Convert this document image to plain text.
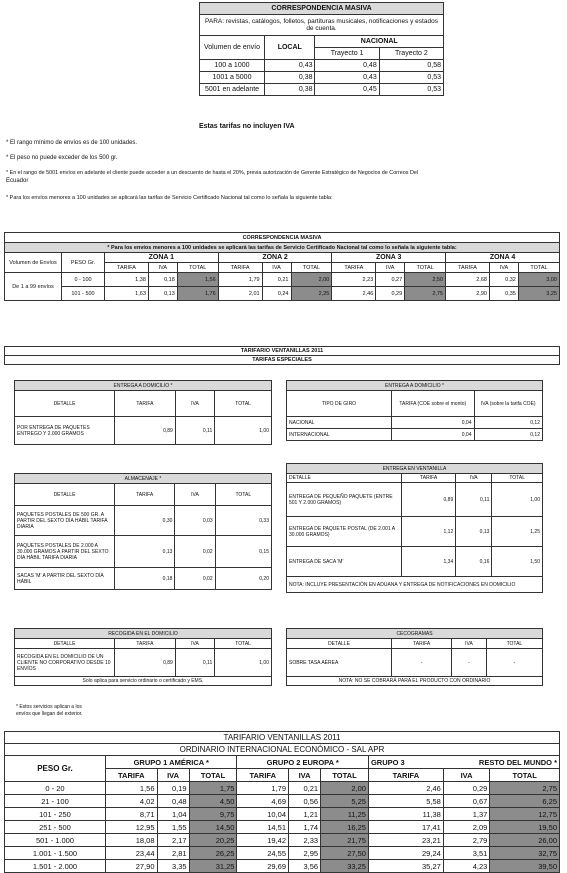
CORRESPONDENCIA MASIVA			
PARA: revistas, catálogos, folletos, partituras musicales, notificaciones y estados de cuenta.			
Volumen de envío	LOCAL	NACIONAL	
		Trayecto 1	Trayecto 2
100 a 1000	0,43	0,48	0,58
1001 a 5000	0,38	0,43	0,53
5001 en adelante	0,38	0,45	0,53
Estas tarifas no incluyen IVA
* El rango mínimo de envíos es de 100 unidades.
* El peso no puede exceder de los 500 gr.
* En el rango de 5001 envíos en adelante el cliente puede acceder a un descuento de hasta el 20%, previa autorización de Gerente Estratégico de Negocios de Correos Del
Ecuador
* Para los envíos menores a 100 unidades se aplicará las tarifas de Servicio Certificado Nacional tal como lo señala la siguiente tabla:
CORRESPONDENCIA MASIVA													
* Para los envíos menores a 100 unidades se aplicará las tarifas de Servicio Certificado Nacional tal como lo señala la siguiente tabla:													
Volumen de Envíos	PESO Gr.	ZONA 1			ZONA 2			ZONA 3			ZONA 4		
		TARIFA	IVA	TOTAL	TARIFA	IVA	TOTAL	TARIFA	IVA	TOTAL	TARIFA	IVA	TOTAL
De 1 a 99 envíos	0 - 100	1,38	0,18	1,56	1,79	0,21	2,00	2,23	0,27	2,50	2,68	0,32	3,00
	101 - 500	1,63	0,13	1,76	2,01	0,24	2,25	2,46	0,29	2,75	2,90	0,35	3,25
TARIFARIO VENTANILLAS 2011
TARIFAS ESPECIALES
ENTREGA A DOMICILIO *			
DETALLE	TARIFA	IVA	TOTAL
POR ENTREGA DE PAQUETES ENTREGO Y 2.000 GRAMOS	0,89	0,11	1,00
ENTREGA A DOMICILIO *		
TIPO DE GIRO	TARIFA (COE sobre el monto)	IVA (sobre la tarifa COE)
NACIONAL	0,04	0,12
INTERNACIONAL	0,04	0,12
ALMACENAJE *			
DETALLE	TARIFA	IVA	TOTAL
PAQUETES POSTALES DE 500 GR. A PARTIR DEL SEXTO DÍA HÁBIL TARIFA DIARIA	0,30	0,03	0,33
PAQUETES POSTALES DE 2.000 A 30.000 GRAMOS A PARTIR DEL SEXTO DÍA HÁBIL TARIFA DIARIA	0,13	0,02	0,15
SACAS 'M' A PARTIR DEL SEXTO DÍA HÁBIL	0,18	0,02	0,20
ENTREGA EN VENTANILLA			
DETALLE	TARIFA	IVA	TOTAL
ENTREGA DE PEQUEÑO PAQUETE (ENTRE 501 Y 2.000 GRAMOS)	0,89	0,11	1,00
ENTREGA DE PAQUETE POSTAL (DE 2.001 A 30.000 GRAMOS)	1,12	0,13	1,25
ENTREGA DE SACA 'M'	1,34	0,16	1,50
NOTA: INCLUYE PRESENTACIÓN EN ADUANA Y ENTREGA DE NOTIFICACIONES EN DOMICILIO			
RECOGIDA EN EL DOMICILIO			
DETALLE	TARIFA	IVA	TOTAL
RECOGIDA EN EL DOMICILIO DE UN CLIENTE NO CORPORATIVO DESDE 10 ENVÍOS	0,89	0,11	1,00
Solo aplica para servicio ordinario o certificado y EMS.			
CECOGRAMAS			
DETALLE	TARIFA	IVA	TOTAL
SOBRE TASA AÉREA	-	-	-
NOTA: NO SE COBRARÁ PARA EL PRODUCTO CON ORDINARIO			
* Estos servicios aplican a los
envíos que llegan del exterior.
TARIFARIO VENTANILLAS 2011									
ORDINARIO INTERNACIONAL ECONÓMICO - SAL APR									
PESO Gr.	GRUPO 1 AMÉRICA *			GRUPO 2 EUROPA *			GRUPO 3 RESTO DEL MUNDO *		

	TARIFA	IVA	TOTAL	TARIFA	IVA	TOTAL	TARIFA	IVA	TOTAL
0 - 20	1,56	0,19	1,75	1,79	0,21	2,00	2,46	0,29	2,75
21 - 100	4,02	0,48	4,50	4,69	0,56	5,25	5,58	0,67	6,25
101 - 250	8,71	1,04	9,75	10,04	1,21	11,25	11,38	1,37	12,75
251 - 500	12,95	1,55	14,50	14,51	1,74	16,25	17,41	2,09	19,50
501 - 1.000	18,08	2,17	20,25	19,42	2,33	21,75	23,21	2,79	26,00
1.001 - 1.500	23,44	2,81	26,25	24,55	2,95	27,50	29,24	3,51	32,75
1.501 - 2.000	27,90	3,35	31,25	29,69	3,56	33,25	35,27	4,23	39,50
